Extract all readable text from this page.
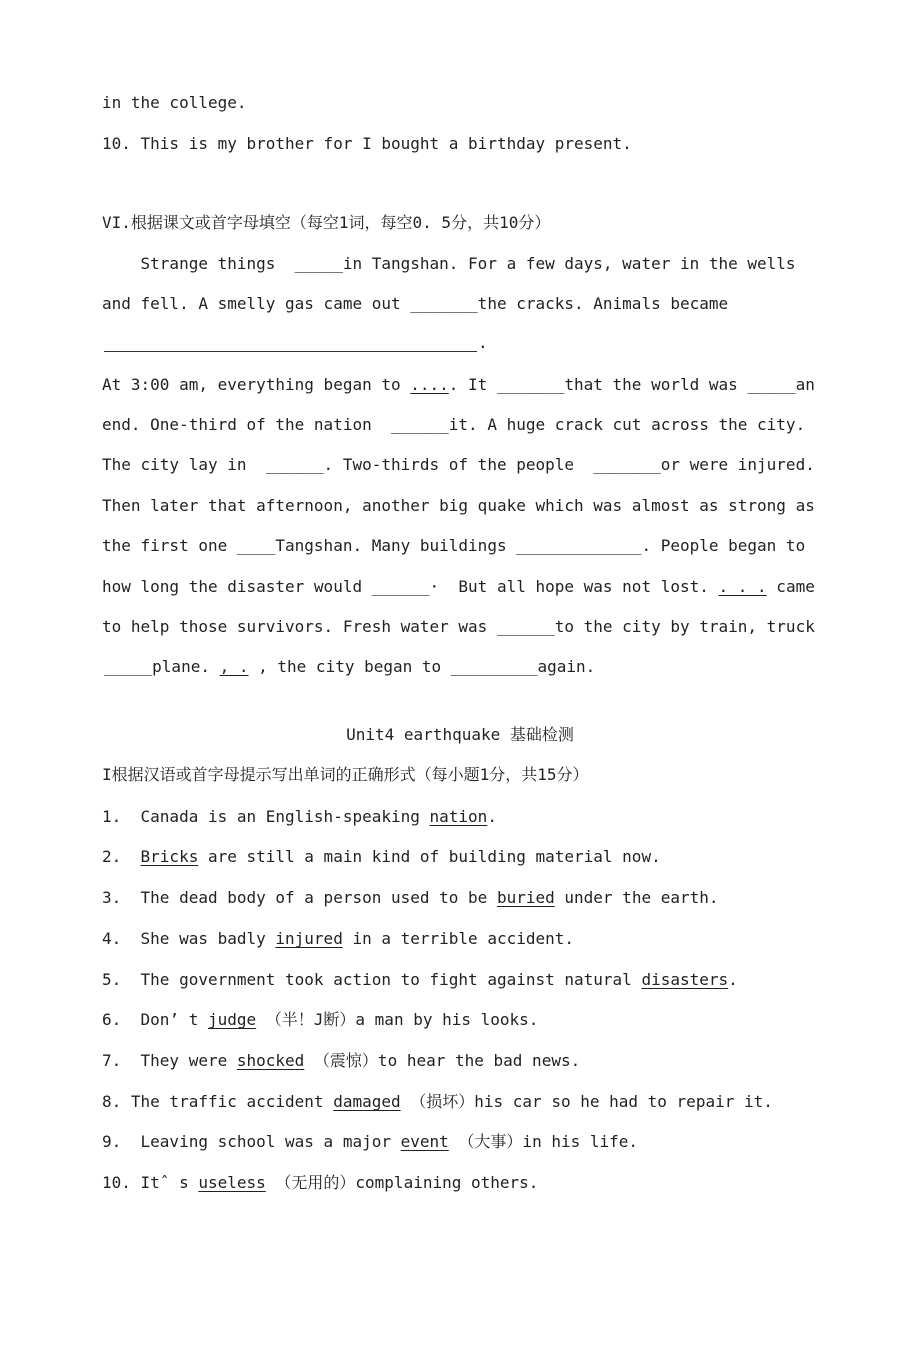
in the college.
10. This is my brother for I bought a birthday present.
VI.根据课文或首字母填空（每空1词，每空0. 5分，共10分）
Strange things  _____in Tangshan. For a few days, water in the wells
and fell. A smelly gas came out _______the cracks. Animals became
.
At 3:00 am, everything began to ..... It _______that the world was _____an
end. One-third of the nation  ______it. A huge crack cut across the city.
The city lay in  ______. Two-thirds of the people  _______or were injured.
Then later that afternoon, another big quake which was almost as strong as
the first one ____Tangshan. Many buildings _____________. People began to
how long the disaster would ______·  But all hope was not lost. . . . came
to help those survivors. Fresh water was ______to the city by train, truck
_____plane. , . , the city began to _________again.
Unit4 earthquake 基础检测
I根据汉语或首字母提示写出单词的正确形式（每小题1分，共15分）
1.  Canada is an English-speaking nation.
2.  Bricks are still a main kind of building material now.
3.  The dead body of a person used to be buried under the earth.
4.  She was badly injured in a terrible accident.
5.  The government took action to fight against natural disasters.
6.  Don’ t judge （半！J断）a man by his looks.
7.  They were shocked （震惊）to hear the bad news.
8. The traffic accident damaged （损坏）his car so he had to repair it.
9.  Leaving school was a major event （大事）in his life.
10. Itˆ s useless （无用的）complaining others.
